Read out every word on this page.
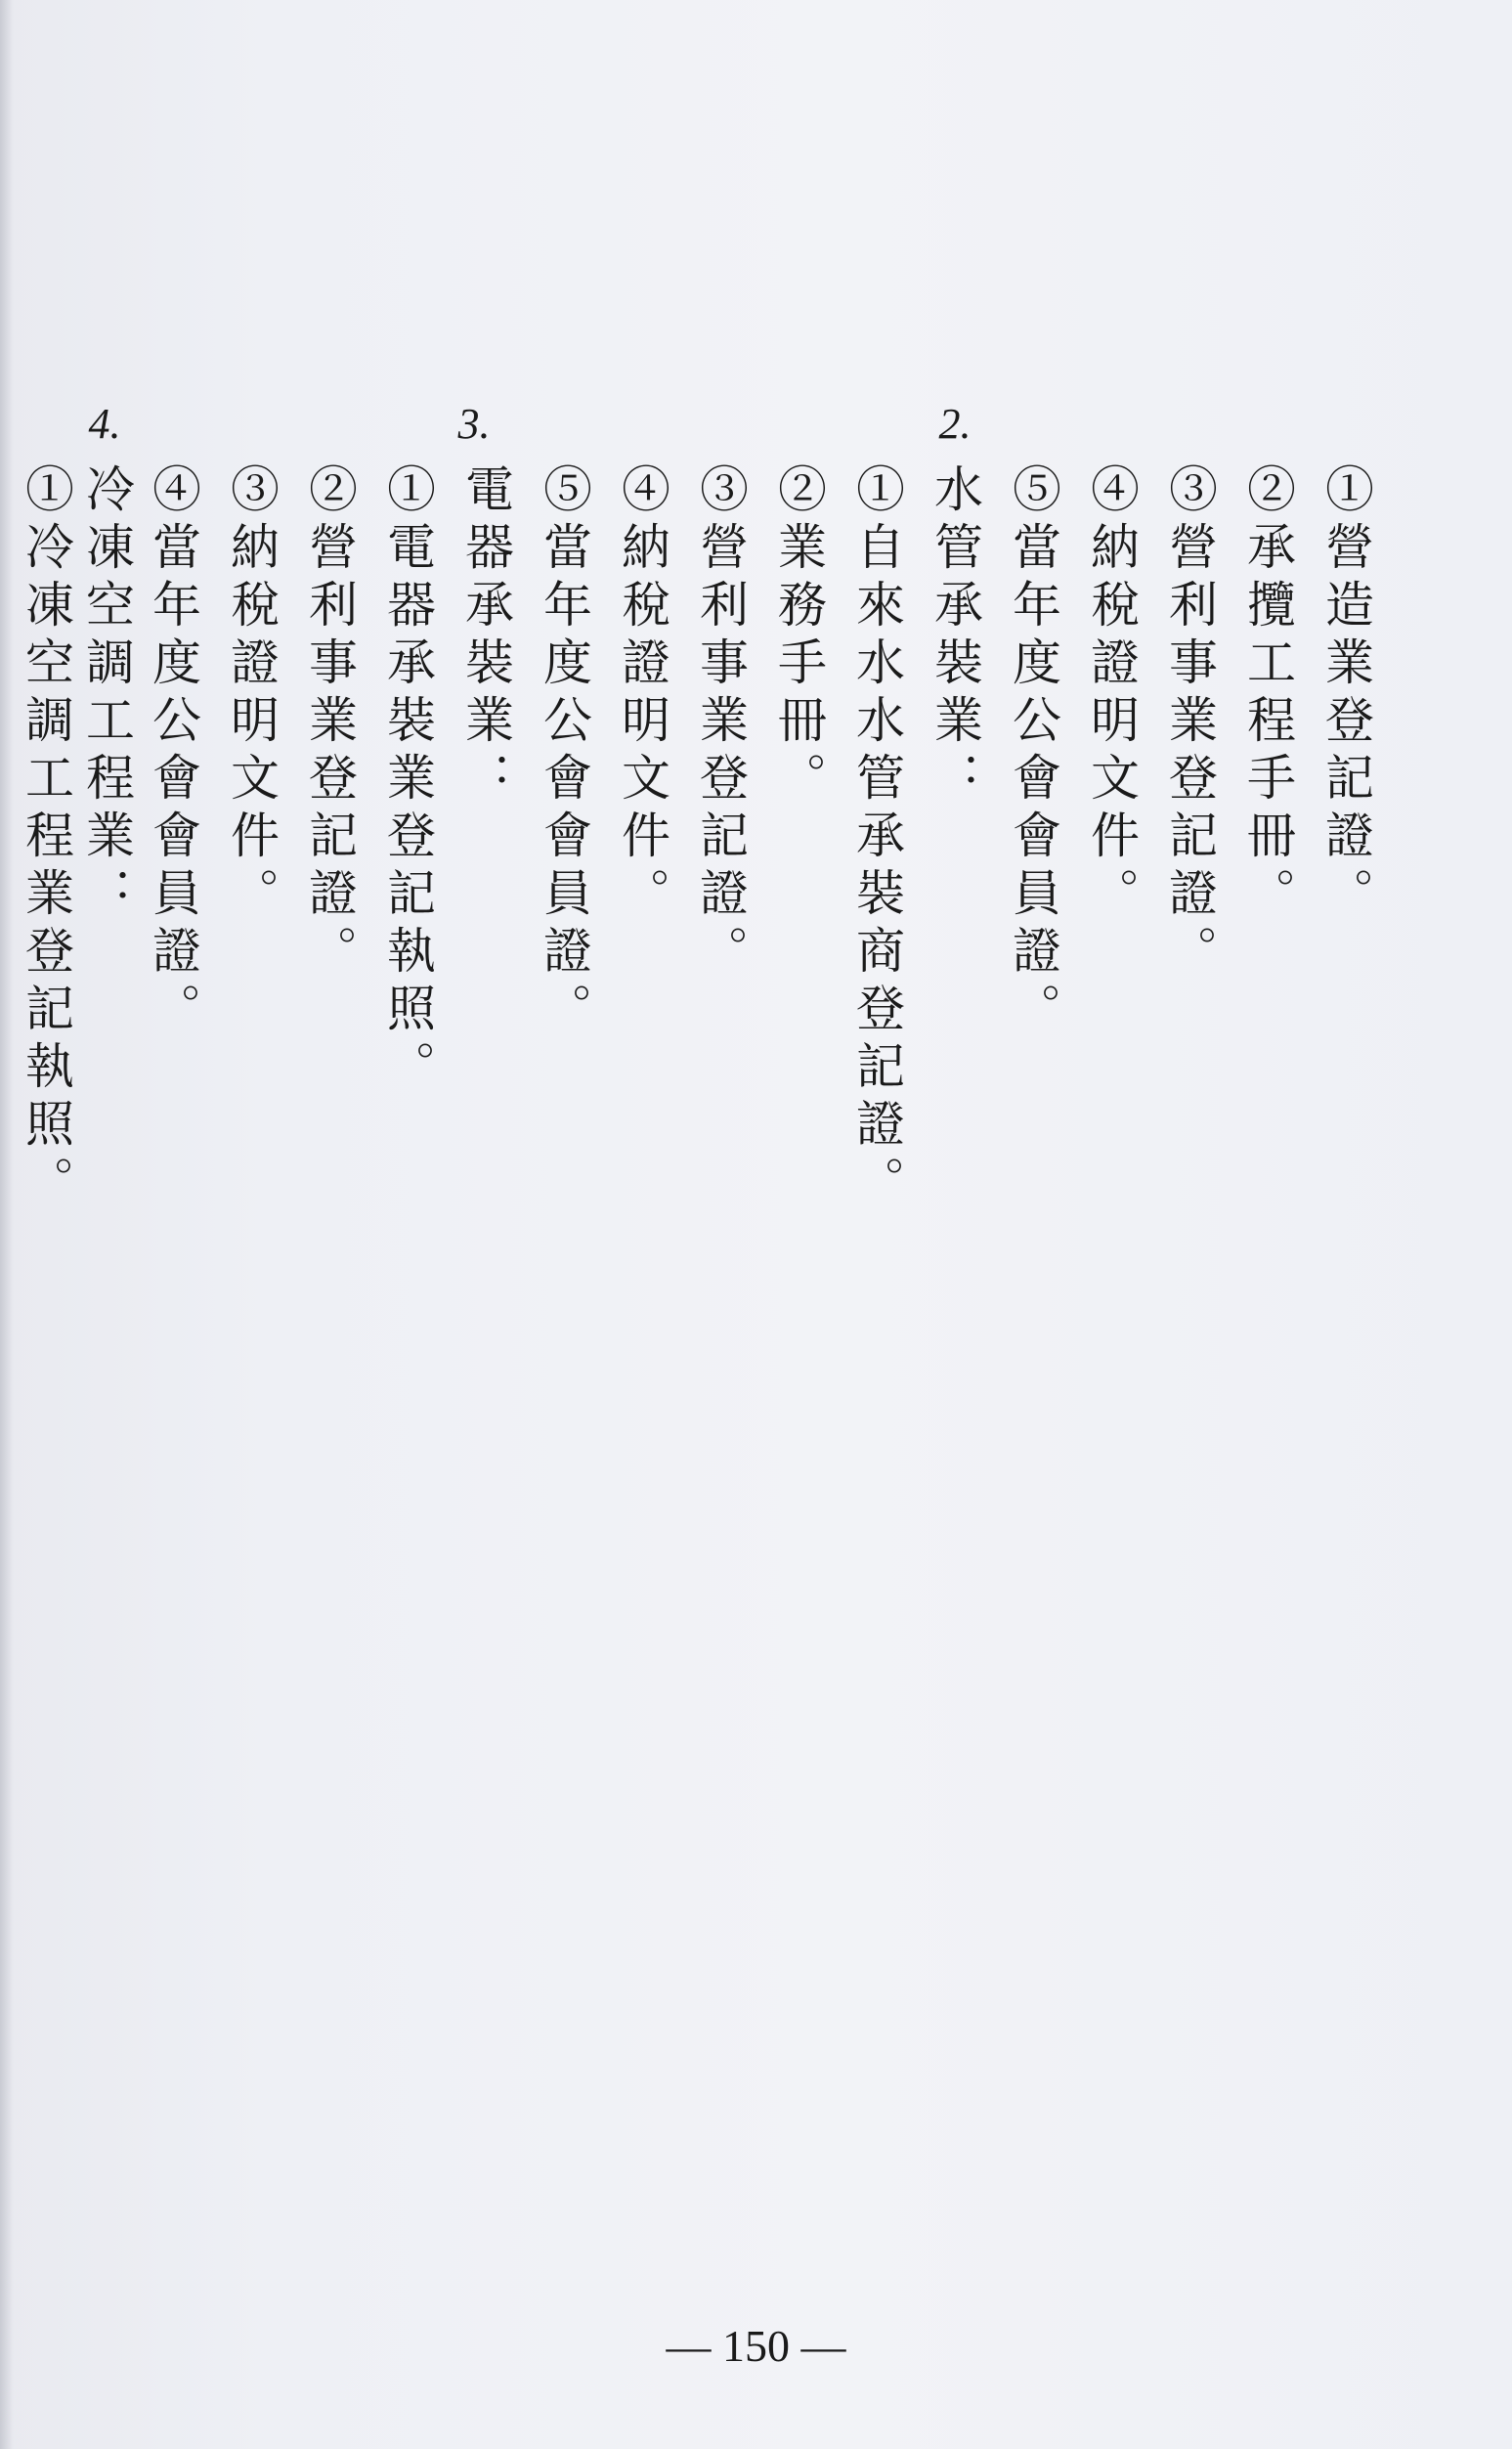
①營造業登記證。
②承攬工程手冊。
③營利事業登記證。
④納稅證明文件。
⑤當年度公會會員證。
2.
水管承裝業：
①自來水水管承裝商登記證。
②業務手冊。
③營利事業登記證。
④納稅證明文件。
⑤當年度公會會員證。
3.
電器承裝業：
①電器承裝業登記執照。
②營利事業登記證。
③納稅證明文件。
④當年度公會會員證。
4.
冷凍空調工程業：
①冷凍空調工程業登記執照。
— 150 —
